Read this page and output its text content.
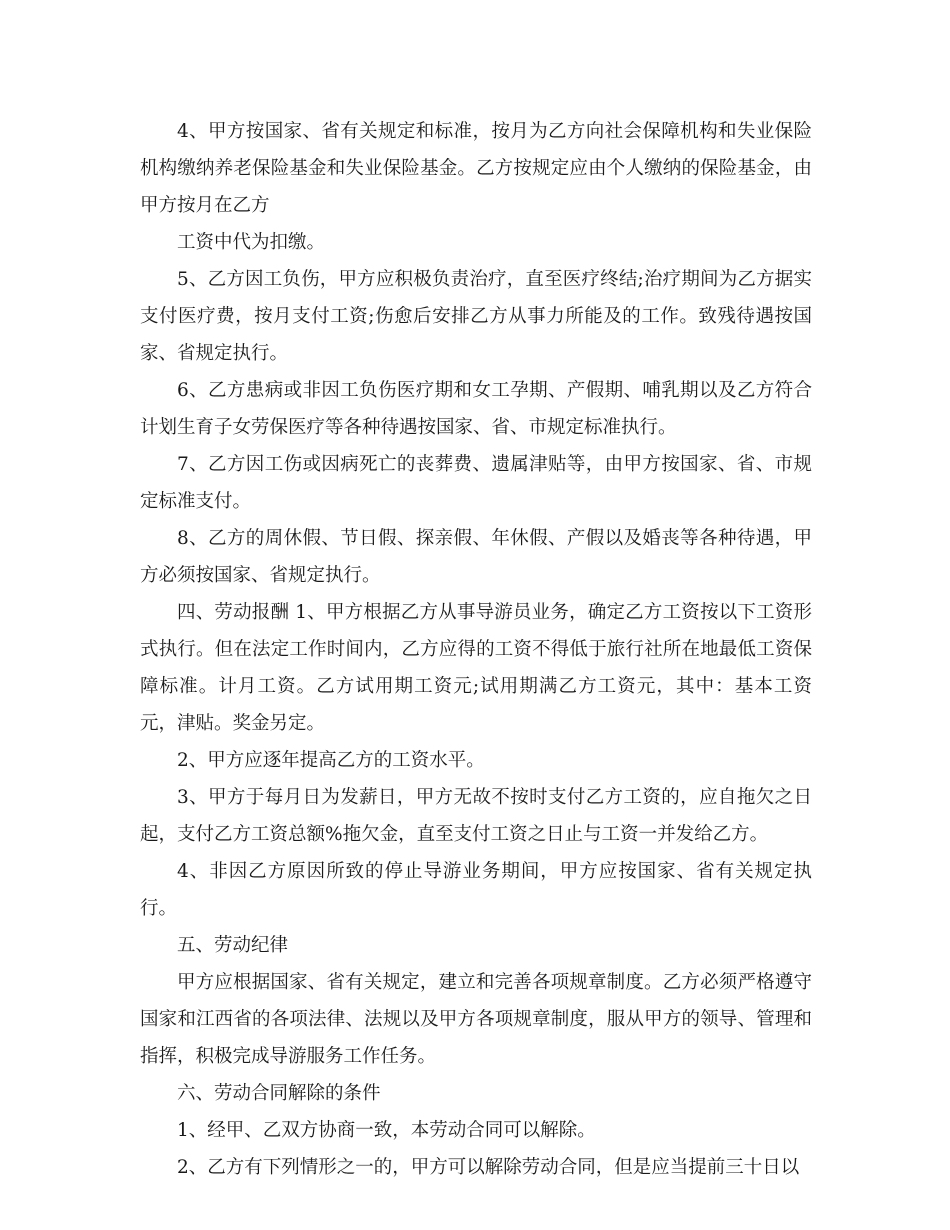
4、甲方按国家、省有关规定和标准，按月为乙方向社会保障机构和失业保险机构缴纳养老保险基金和失业保险基金。乙方按规定应由个人缴纳的保险基金，由甲方按月在乙方

工资中代为扣缴。

5、乙方因工负伤，甲方应积极负责治疗，直至医疗终结;治疗期间为乙方据实支付医疗费，按月支付工资;伤愈后安排乙方从事力所能及的工作。致残待遇按国家、省规定执行。

6、乙方患病或非因工负伤医疗期和女工孕期、产假期、哺乳期以及乙方符合计划生育子女劳保医疗等各种待遇按国家、省、市规定标准执行。

7、乙方因工伤或因病死亡的丧葬费、遗属津贴等，由甲方按国家、省、市规定标准支付。

8、乙方的周休假、节日假、探亲假、年休假、产假以及婚丧等各种待遇，甲方必须按国家、省规定执行。

四、劳动报酬 1、甲方根据乙方从事导游员业务，确定乙方工资按以下工资形式执行。但在法定工作时间内，乙方应得的工资不得低于旅行社所在地最低工资保障标准。计月工资。乙方试用期工资元;试用期满乙方工资元，其中：基本工资元，津贴。奖金另定。

2、甲方应逐年提高乙方的工资水平。

3、甲方于每月日为发薪日，甲方无故不按时支付乙方工资的，应自拖欠之日起，支付乙方工资总额%拖欠金，直至支付工资之日止与工资一并发给乙方。

4、非因乙方原因所致的停止导游业务期间，甲方应按国家、省有关规定执行。

五、劳动纪律

甲方应根据国家、省有关规定，建立和完善各项规章制度。乙方必须严格遵守国家和江西省的各项法律、法规以及甲方各项规章制度，服从甲方的领导、管理和指挥，积极完成导游服务工作任务。

六、劳动合同解除的条件

1、经甲、乙双方协商一致，本劳动合同可以解除。

2、乙方有下列情形之一的，甲方可以解除劳动合同，但是应当提前三十日以
